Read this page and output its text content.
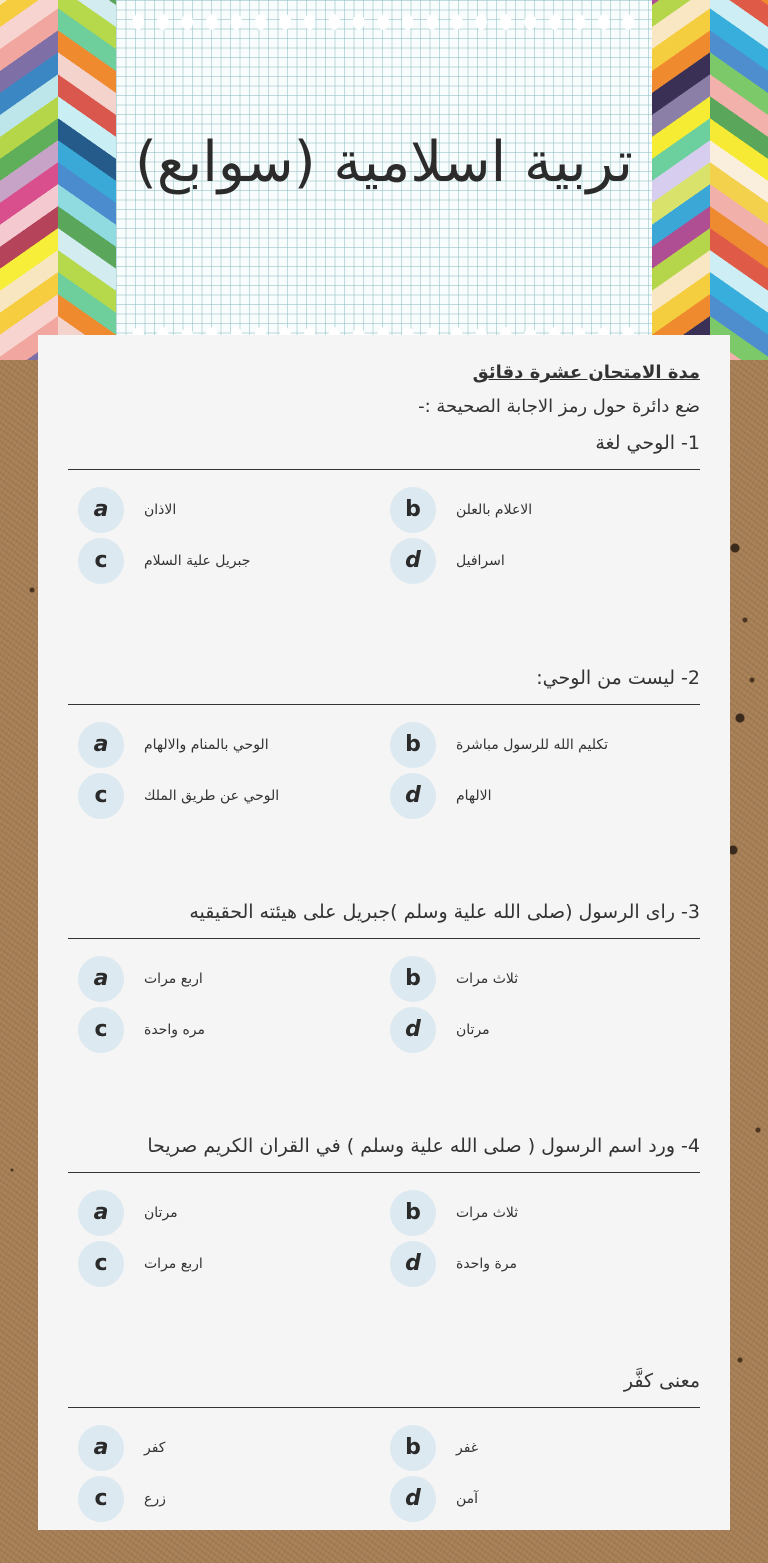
تربية اسلامية (سوابع)
مدة الامتحان عشرة دقائق
ضع دائرة حول رمز الاجابة الصحيحة :-
1- الوحي لغة
a	الاذان	b	الاعلام بالعلن
c	جبريل علية السلام	d	اسرافيل
2- ليست من الوحي:
a	الوحي بالمنام والالهام	b	تكليم الله للرسول مباشرة
c	الوحي عن طريق الملك	d	الالهام
3- راى الرسول (صلى الله علية وسلم )جبريل على هيئته الحقيقيه
a	اربع مرات	b	ثلاث مرات
c	مره واحدة	d	مرتان
4- ورد اسم الرسول ( صلى الله علية وسلم ) في القران الكريم صريحا
a	مرتان	b	ثلاث مرات
c	اربع مرات	d	مرة واحدة
معنى كفَّر
a	كفر	b	غفر
c	زرع	d	آمن
